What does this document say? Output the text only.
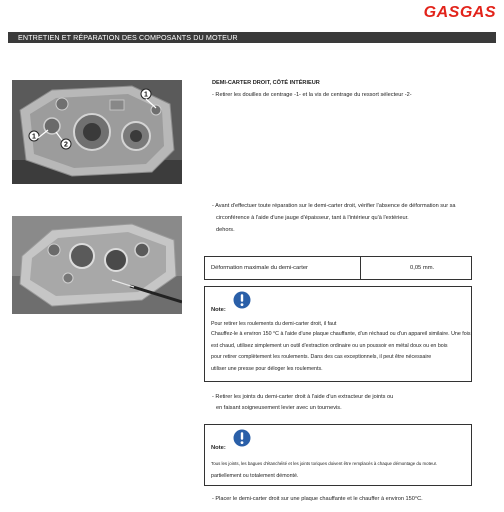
GASGAS
ENTRETIEN ET RÉPARATION DES COMPOSANTS DU MOTEUR
1
1
2
DEMI-CARTER DROIT, CÔTÉ INTÉRIEUR
- Retirer les douilles de centrage -1- et la vis de centrage du ressort sélecteur -2-
- Avant d'effectuer toute réparation sur le demi-carter droit, vérifier l'absence de déformation sur sa
circonférence à l'aide d'une jauge d'épaisseur, tant à l'intérieur qu'à l'extérieur.
dehors.
Déformation maximale du demi-carter	0,05 mm.
Note:
Pour retirer les roulements du demi-carter droit, il faut
Chauffez-le à environ 150 °C à l'aide d'une plaque chauffante, d'un réchaud ou d'un appareil similaire. Une fois
est chaud, utilisez simplement un outil d'extraction ordinaire ou un poussoir en métal doux ou en bois
pour retirer complètement les roulements. Dans des cas exceptionnels, il peut être nécessaire
utiliser une presse pour déloger les roulements.
- Retirer les joints du demi-carter droit à l'aide d'un extracteur de joints ou
en faisant soigneusement levier avec un tournevis.
Note:
Tous les joints, les bagues d'étanchéité et les joints toriques doivent être remplacés à chaque démontage du moteur.
partiellement ou totalement démonté.
- Placer le demi-carter droit sur une plaque chauffante et le chauffer à environ 150°C.
